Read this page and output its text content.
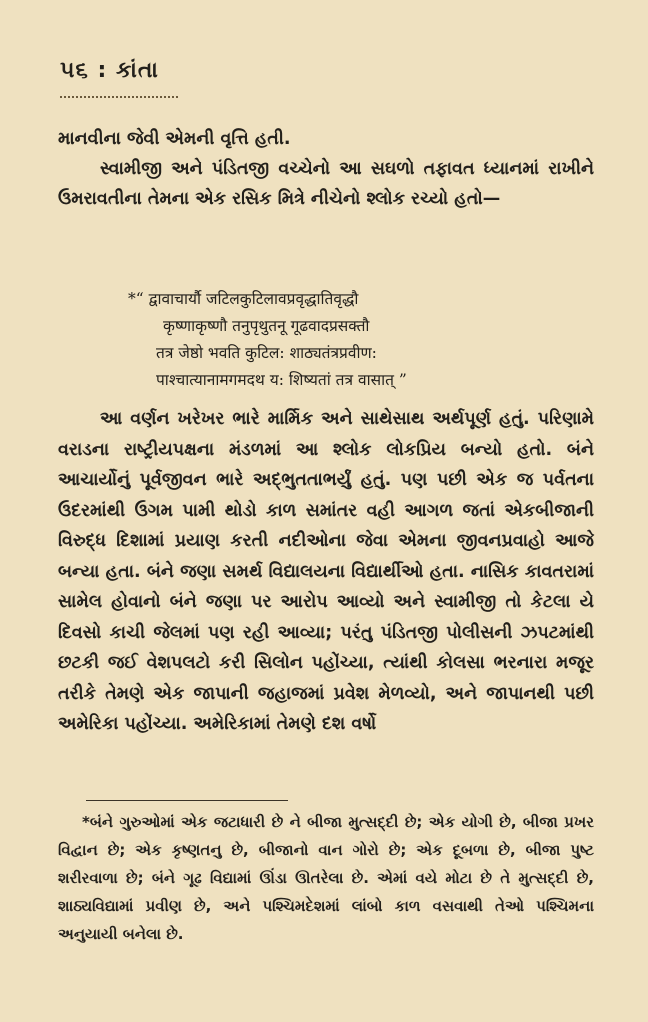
૫૬ : કાંતા

માનવીના જેવી એમની વૃત્તિ હતી.

સ્વામીજી અને પંડિતજી વચ્ચેનો આ સઘળો તફાવત ધ્યાનમાં રાખીને ઉમરાવતીના તેમના એક રસિક મિત્રે નીચેનો શ્લોક રચ્યો હતો—

*“ द्वावाचार्यौ जटिलकुटिलावप्रवृद्धातिवृद्धौ
कृष्णाकृष्णौ तनुपृथुतनू गूढवादप्रसक्तौ
तत्र जेष्ठो भवति कुटिल: शाठ्यतंत्रप्रवीण:
पाश्चात्यानामगमदथ य: शिष्यतां तत्र वासात् ”

આ વર્ણન ખરેખર ભારે માર્મિક અને સાથેસાથ અર્થપૂર્ણ હતું. પરિણામે વરાડના રાષ્ટ્રીયપક્ષના મંડળમાં આ શ્લોક લોકપ્રિય બન્યો હતો. બંને આચાર્યોનું પૂર્વજીવન ભારે અદ્ભુતતાભર્યું હતું. પણ પછી એક જ પર્વતના ઉદરમાંથી ઉગમ પામી થોડો કાળ સમાંતર વહી આગળ જતાં એકબીજાની વિરુદ્ધ દિશામાં પ્રયાણ કરતી નદીઓના જેવા એમના જીવનપ્રવાહો આજે બન્યા હતા. બંને જણા સમર્થ વિદ્યાલયના વિદ્યાર્થીઓ હતા. નાસિક કાવતરામાં સામેલ હોવાનો બંને જણા પર આરોપ આવ્યો અને સ્વામીજી તો કેટલા યે દિવસો કાચી જેલમાં પણ રહી આવ્યા; પરંતુ પંડિતજી પોલીસની ઝપટમાંથી છટકી જઈ વેશપલટો કરી સિલોન પહોંચ્યા, ત્યાંથી કોલસા ભરનારા મજૂર તરીકે તેમણે એક જાપાની જહાજમાં પ્રવેશ મેળવ્યો, અને જાપાનથી પછી અમેરિકા પહોંચ્યા. અમેરિકામાં તેમણે દશ વર્ષો

*બંને ગુરુઓમાં એક જટાધારી છે ને બીજા મુત્સદ્દી છે; એક યોગી છે, બીજા પ્રખર વિદ્વાન છે; એક કૃષ્ણતનુ છે, બીજાનો વાન ગોરો છે; એક દૂબળા છે, બીજા પુષ્ટ શરીરવાળા છે; બંને ગૂઢ વિદ્યામાં ઊંડા ઊતરેલા છે. એમાં વયે મોટા છે તે મુત્સદ્દી છે, શાઠ્યવિદ્યામાં પ્રવીણ છે, અને પશ્ચિમદેશમાં લાંબો કાળ વસવાથી તેઓ પશ્ચિમના અનુયાયી બનેલા છે.
